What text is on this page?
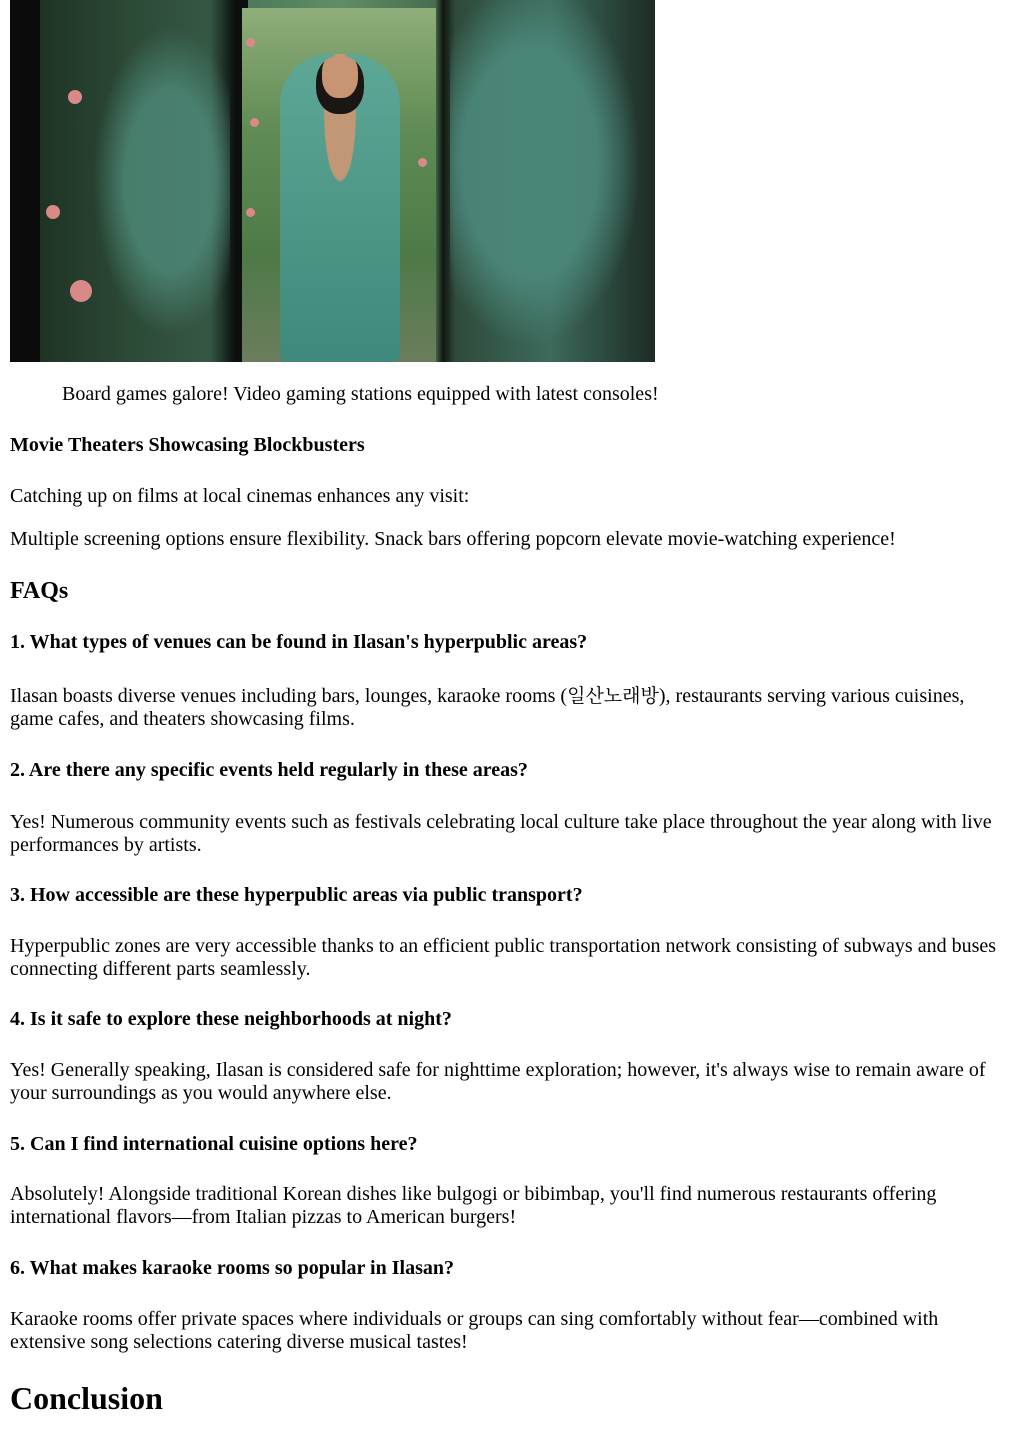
Board games galore! Video gaming stations equipped with latest consoles!

Movie Theaters Showcasing Blockbusters

Catching up on films at local cinemas enhances any visit:

Multiple screening options ensure flexibility. Snack bars offering popcorn elevate movie-watching experience!

FAQs

1. What types of venues can be found in Ilasan's hyperpublic areas?

Ilasan boasts diverse venues including bars, lounges, karaoke rooms (일산노래방), restaurants serving various cuisines, game cafes, and theaters showcasing films.

2. Are there any specific events held regularly in these areas?

Yes! Numerous community events such as festivals celebrating local culture take place throughout the year along with live performances by artists.

3. How accessible are these hyperpublic areas via public transport?

Hyperpublic zones are very accessible thanks to an efficient public transportation network consisting of subways and buses connecting different parts seamlessly.

4. Is it safe to explore these neighborhoods at night?

Yes! Generally speaking, Ilasan is considered safe for nighttime exploration; however, it's always wise to remain aware of your surroundings as you would anywhere else.

5. Can I find international cuisine options here?

Absolutely! Alongside traditional Korean dishes like bulgogi or bibimbap, you'll find numerous restaurants offering international flavors—from Italian pizzas to American burgers!

6. What makes karaoke rooms so popular in Ilasan?

Karaoke rooms offer private spaces where individuals or groups can sing comfortably without fear—combined with extensive song selections catering diverse musical tastes!

Conclusion
